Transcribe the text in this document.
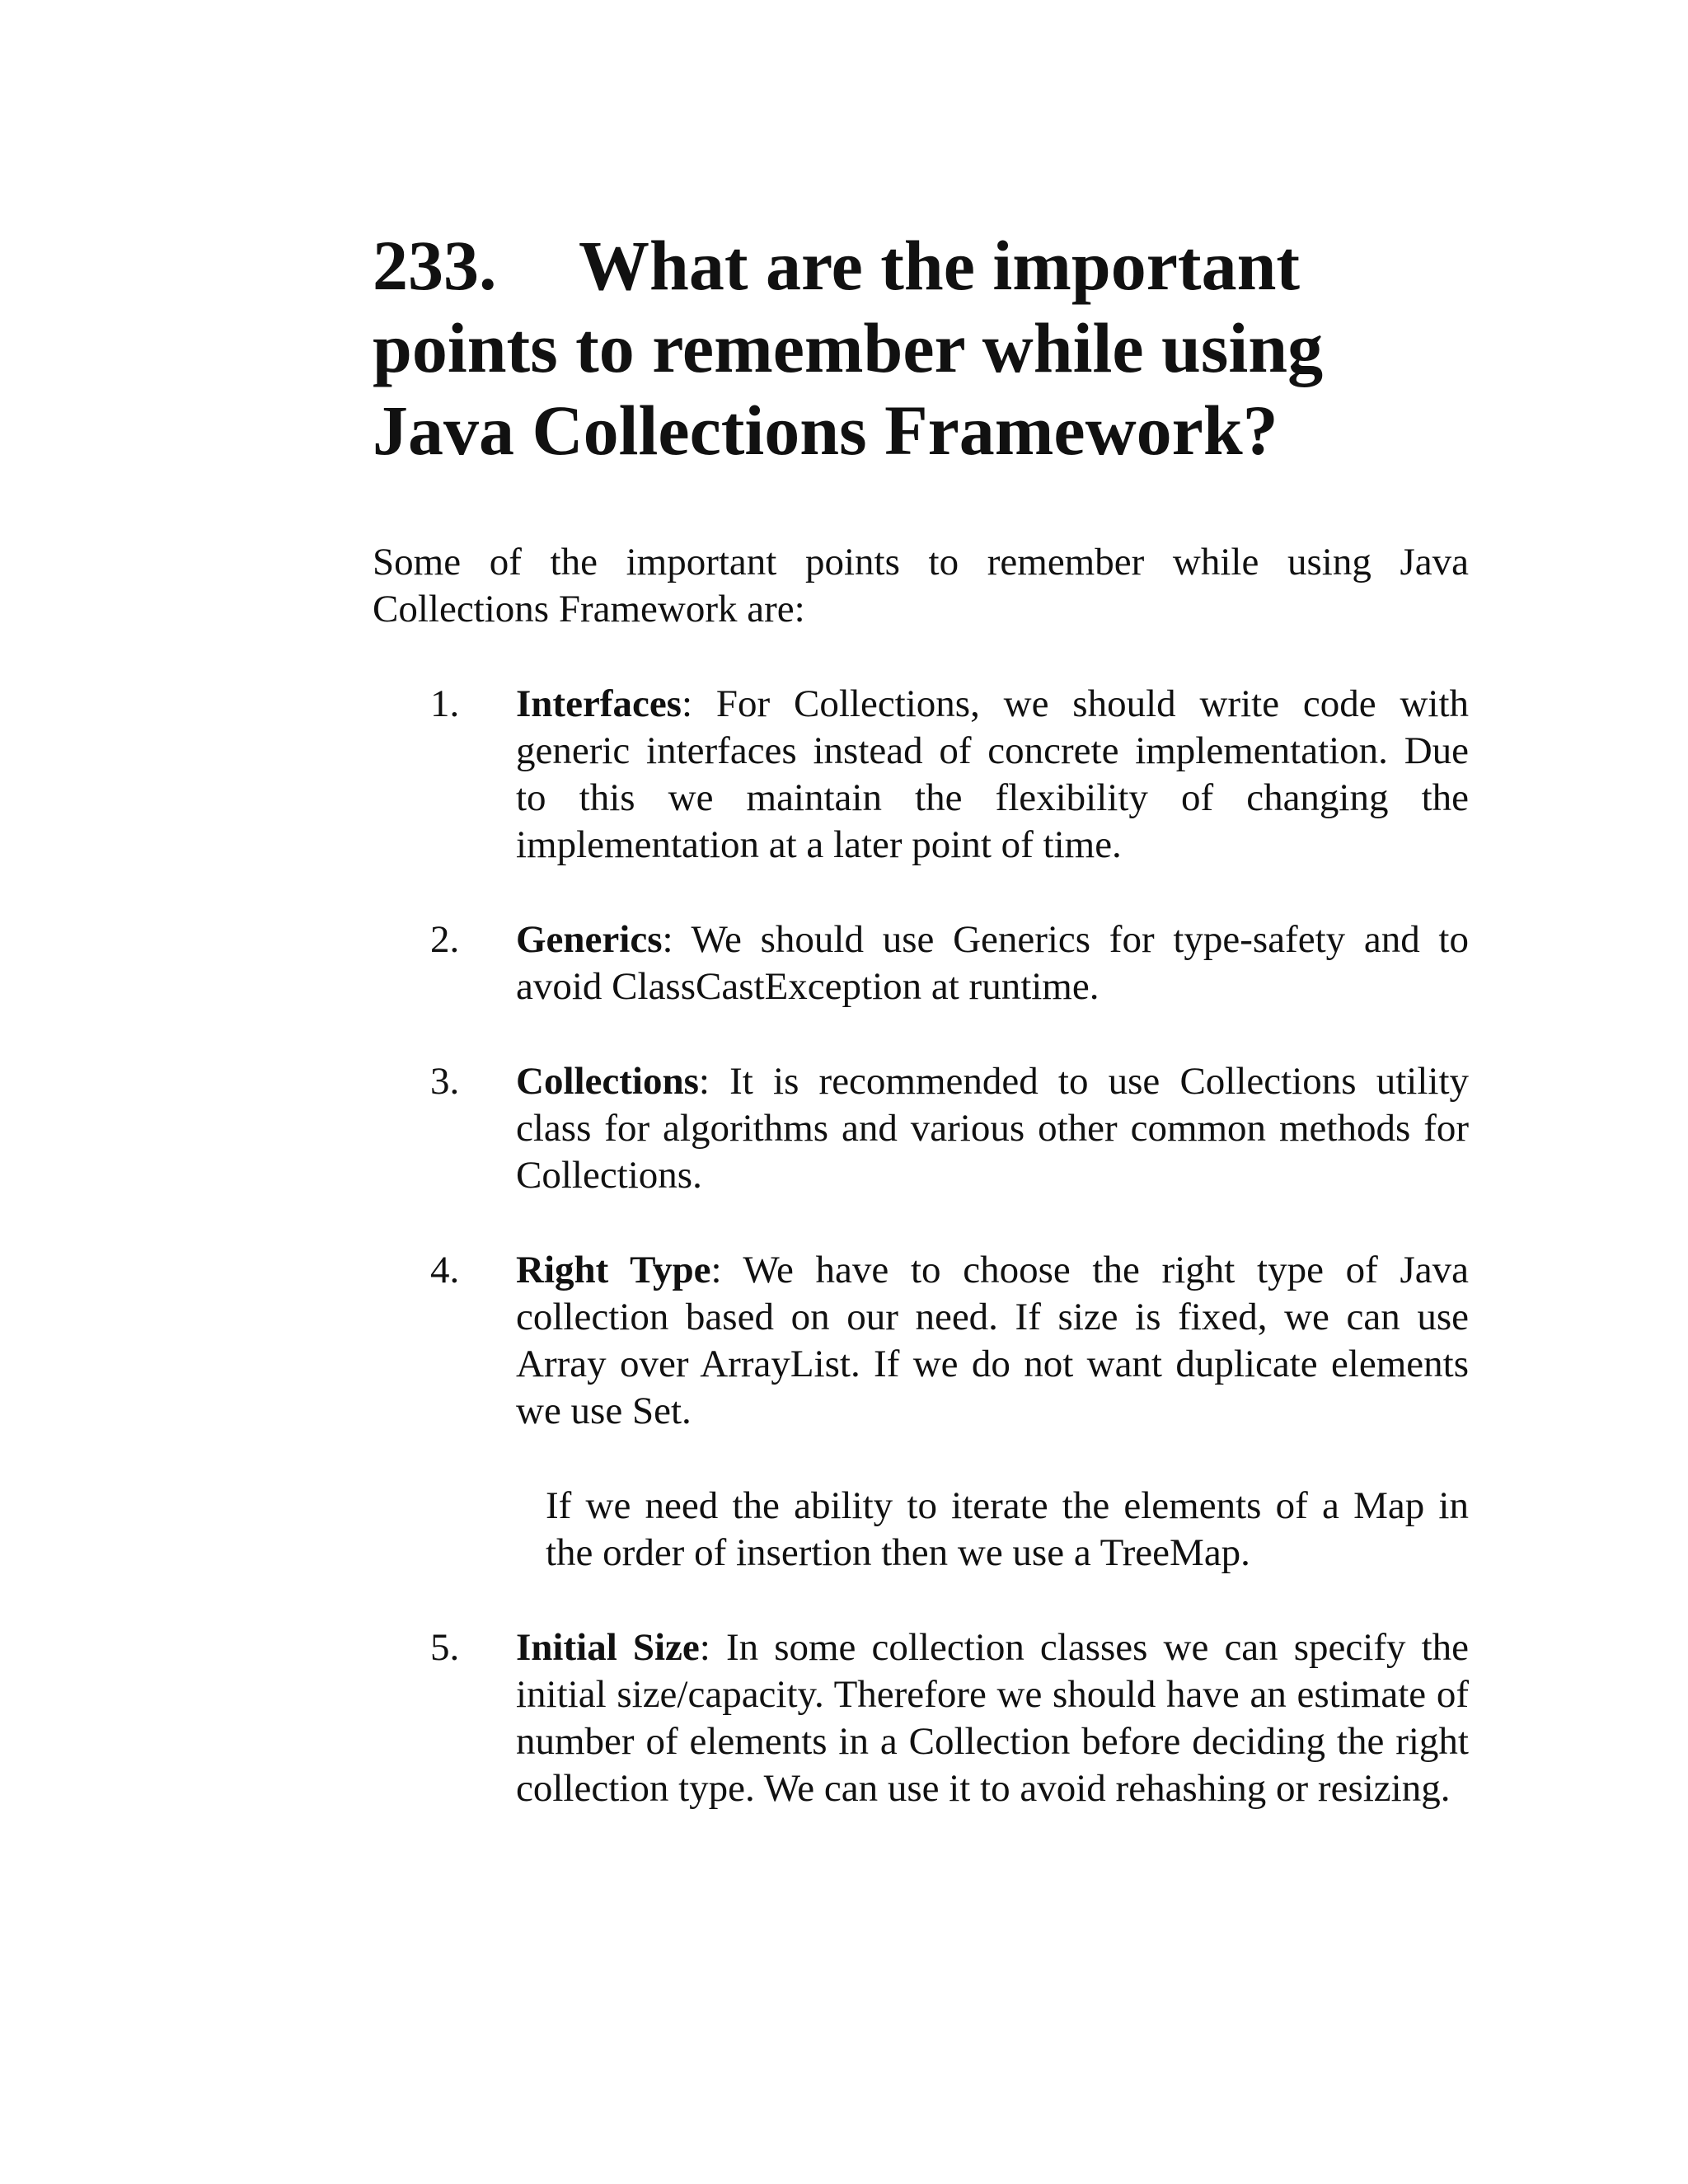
233. What are the important points to remember while using Java Collections Framework?

Some of the important points to remember while using Java Collections Framework are:

1. Interfaces: For Collections, we should write code with generic interfaces instead of concrete implementation. Due to this we maintain the flexibility of changing the implementation at a later point of time.
2. Generics: We should use Generics for type-safety and to avoid ClassCastException at runtime.
3. Collections: It is recommended to use Collections utility class for algorithms and various other common methods for Collections.
4. Right Type: We have to choose the right type of Java collection based on our need. If size is fixed, we can use Array over ArrayList. If we do not want duplicate elements we use Set.
If we need the ability to iterate the elements of a Map in the order of insertion then we use a TreeMap.
5. Initial Size: In some collection classes we can specify the initial size/capacity. Therefore we should have an estimate of number of elements in a Collection before deciding the right collection type. We can use it to avoid rehashing or resizing.
